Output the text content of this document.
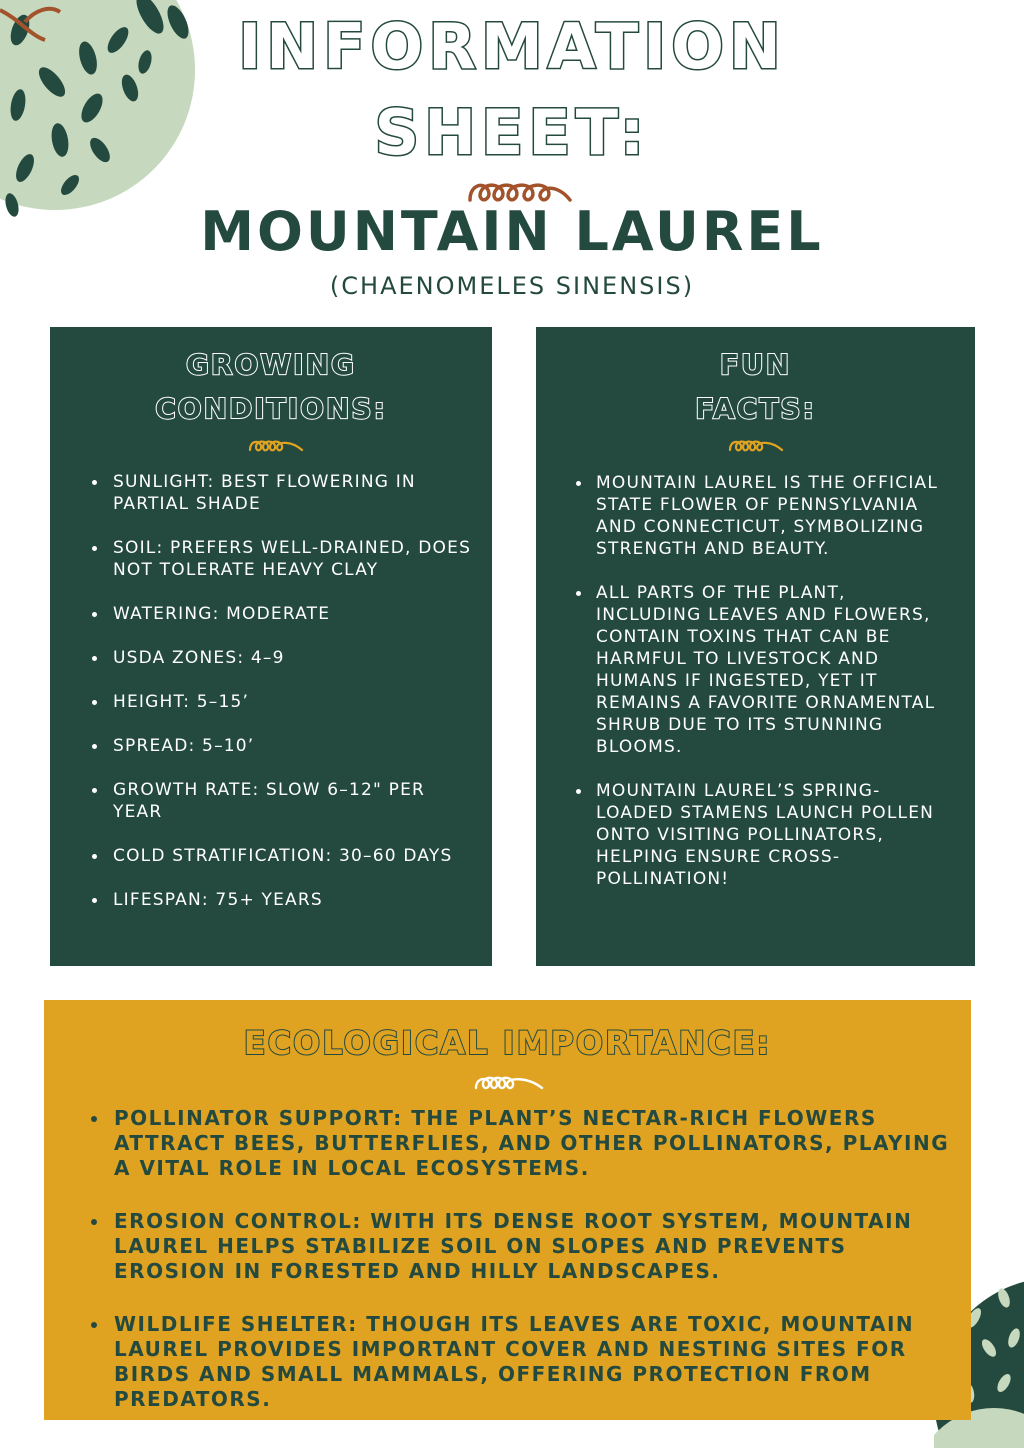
INFORMATION
SHEET:
MOUNTAIN LAUREL
(CHAENOMELES SINENSIS)
GROWING
CONDITIONS:
SUNLIGHT: BEST FLOWERING IN PARTIAL SHADE
SOIL: PREFERS WELL-DRAINED, DOES NOT TOLERATE HEAVY CLAY
WATERING: MODERATE
USDA ZONES: 4–9
HEIGHT: 5–15’
SPREAD: 5–10’
GROWTH RATE: SLOW 6–12" PER YEAR
COLD STRATIFICATION: 30–60 DAYS
LIFESPAN: 75+ YEARS
FUN
FACTS:
MOUNTAIN LAUREL IS THE OFFICIAL STATE FLOWER OF PENNSYLVANIA AND CONNECTICUT, SYMBOLIZING STRENGTH AND BEAUTY.
ALL PARTS OF THE PLANT, INCLUDING LEAVES AND FLOWERS, CONTAIN TOXINS THAT CAN BE HARMFUL TO LIVESTOCK AND HUMANS IF INGESTED, YET IT REMAINS A FAVORITE ORNAMENTAL SHRUB DUE TO ITS STUNNING BLOOMS.
MOUNTAIN LAUREL’S SPRING-LOADED STAMENS LAUNCH POLLEN ONTO VISITING POLLINATORS, HELPING ENSURE CROSS-POLLINATION!
ECOLOGICAL IMPORTANCE:
POLLINATOR SUPPORT: THE PLANT’S NECTAR-RICH FLOWERS ATTRACT BEES, BUTTERFLIES, AND OTHER POLLINATORS, PLAYING A VITAL ROLE IN LOCAL ECOSYSTEMS.
EROSION CONTROL: WITH ITS DENSE ROOT SYSTEM, MOUNTAIN LAUREL HELPS STABILIZE SOIL ON SLOPES AND PREVENTS EROSION IN FORESTED AND HILLY LANDSCAPES.
WILDLIFE SHELTER: THOUGH ITS LEAVES ARE TOXIC, MOUNTAIN LAUREL PROVIDES IMPORTANT COVER AND NESTING SITES FOR BIRDS AND SMALL MAMMALS, OFFERING PROTECTION FROM PREDATORS.
